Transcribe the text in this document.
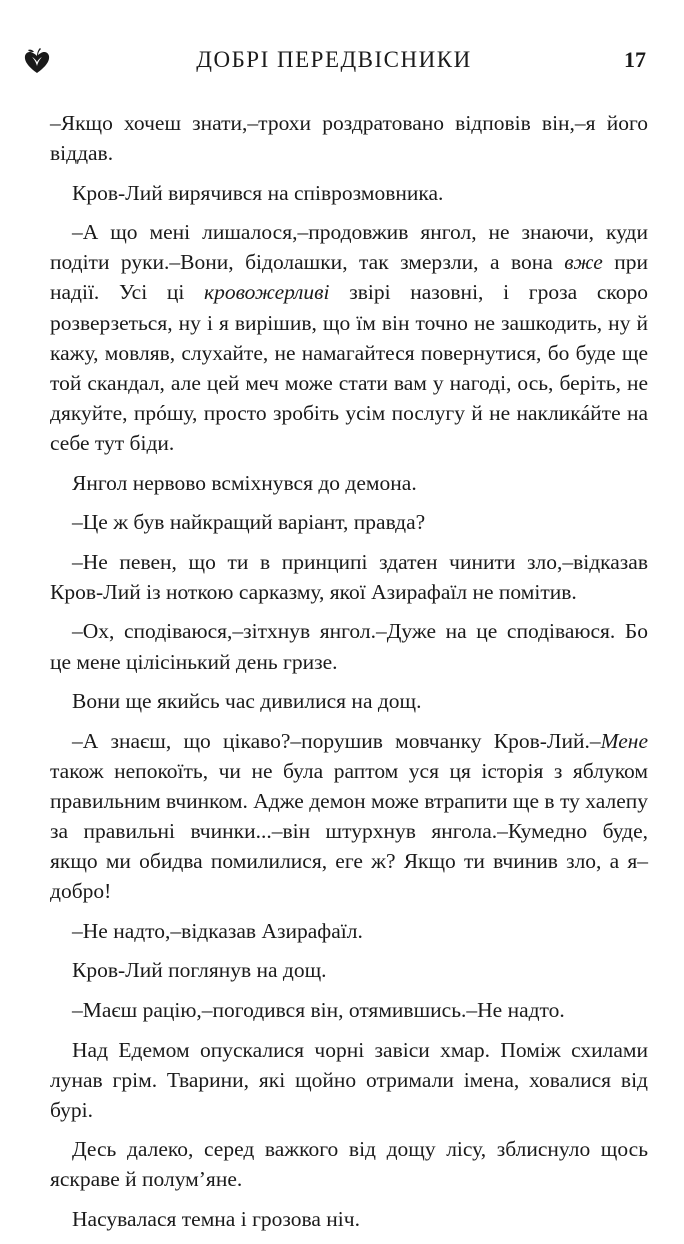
ДОБРІ ПЕРЕДВІСНИКИ	17

–Якщо хочеш знати,–трохи роздратовано відповів він,–я його віддав.

Кров-Лий вирячився на співрозмовника.

–А що мені лишалося,–продовжив янгол, не знаючи, куди подіти руки.–Вони, бідолашки, так змерзли, а вона вже при надії. Усі ці кровожерливі звірі назовні, і гроза скоро розверзеться, ну і я вирішив, що їм він точно не зашкодить, ну й кажу, мовляв, слухайте, не намагайтеся повернутися, бо буде ще той скандал, але цей меч може стати вам у нагоді, ось, беріть, не дякуйте, прóшу, просто зробіть усім послугу й не накликáйте на себе тут біди.

Янгол нервово всміхнувся до демона.

–Це ж був найкращий варіант, правда?

–Не певен, що ти в принципі здатен чинити зло,–відказав Кров-Лий із ноткою сарказму, якої Азирафаїл не помітив.

–Ох, сподіваюся,–зітхнув янгол.–Дуже на це сподіваюся. Бо це мене цілісінький день гризе.

Вони ще якийсь час дивилися на дощ.

–А знаєш, що цікаво?–порушив мовчанку Кров-Лий.–Мене також непокоїть, чи не була раптом уся ця історія з яблуком правильним вчинком. Адже демон може втрапити ще в ту халепу за правильні вчинки...–він штурхнув янгола.–Кумедно буде, якщо ми обидва помилилися, еге ж? Якщо ти вчинив зло, а я–добро!

–Не надто,–відказав Азирафаїл.

Кров-Лий поглянув на дощ.

–Маєш рацію,–погодився він, отямившись.–Не надто.

Над Едемом опускалися чорні завіси хмар. Поміж схилами лунав грім. Тварини, які щойно отримали імена, ховалися від бурі.

Десь далеко, серед важкого від дощу лісу, зблиснуло щось яскраве й полум’яне.

Насувалася темна і грозова ніч.
